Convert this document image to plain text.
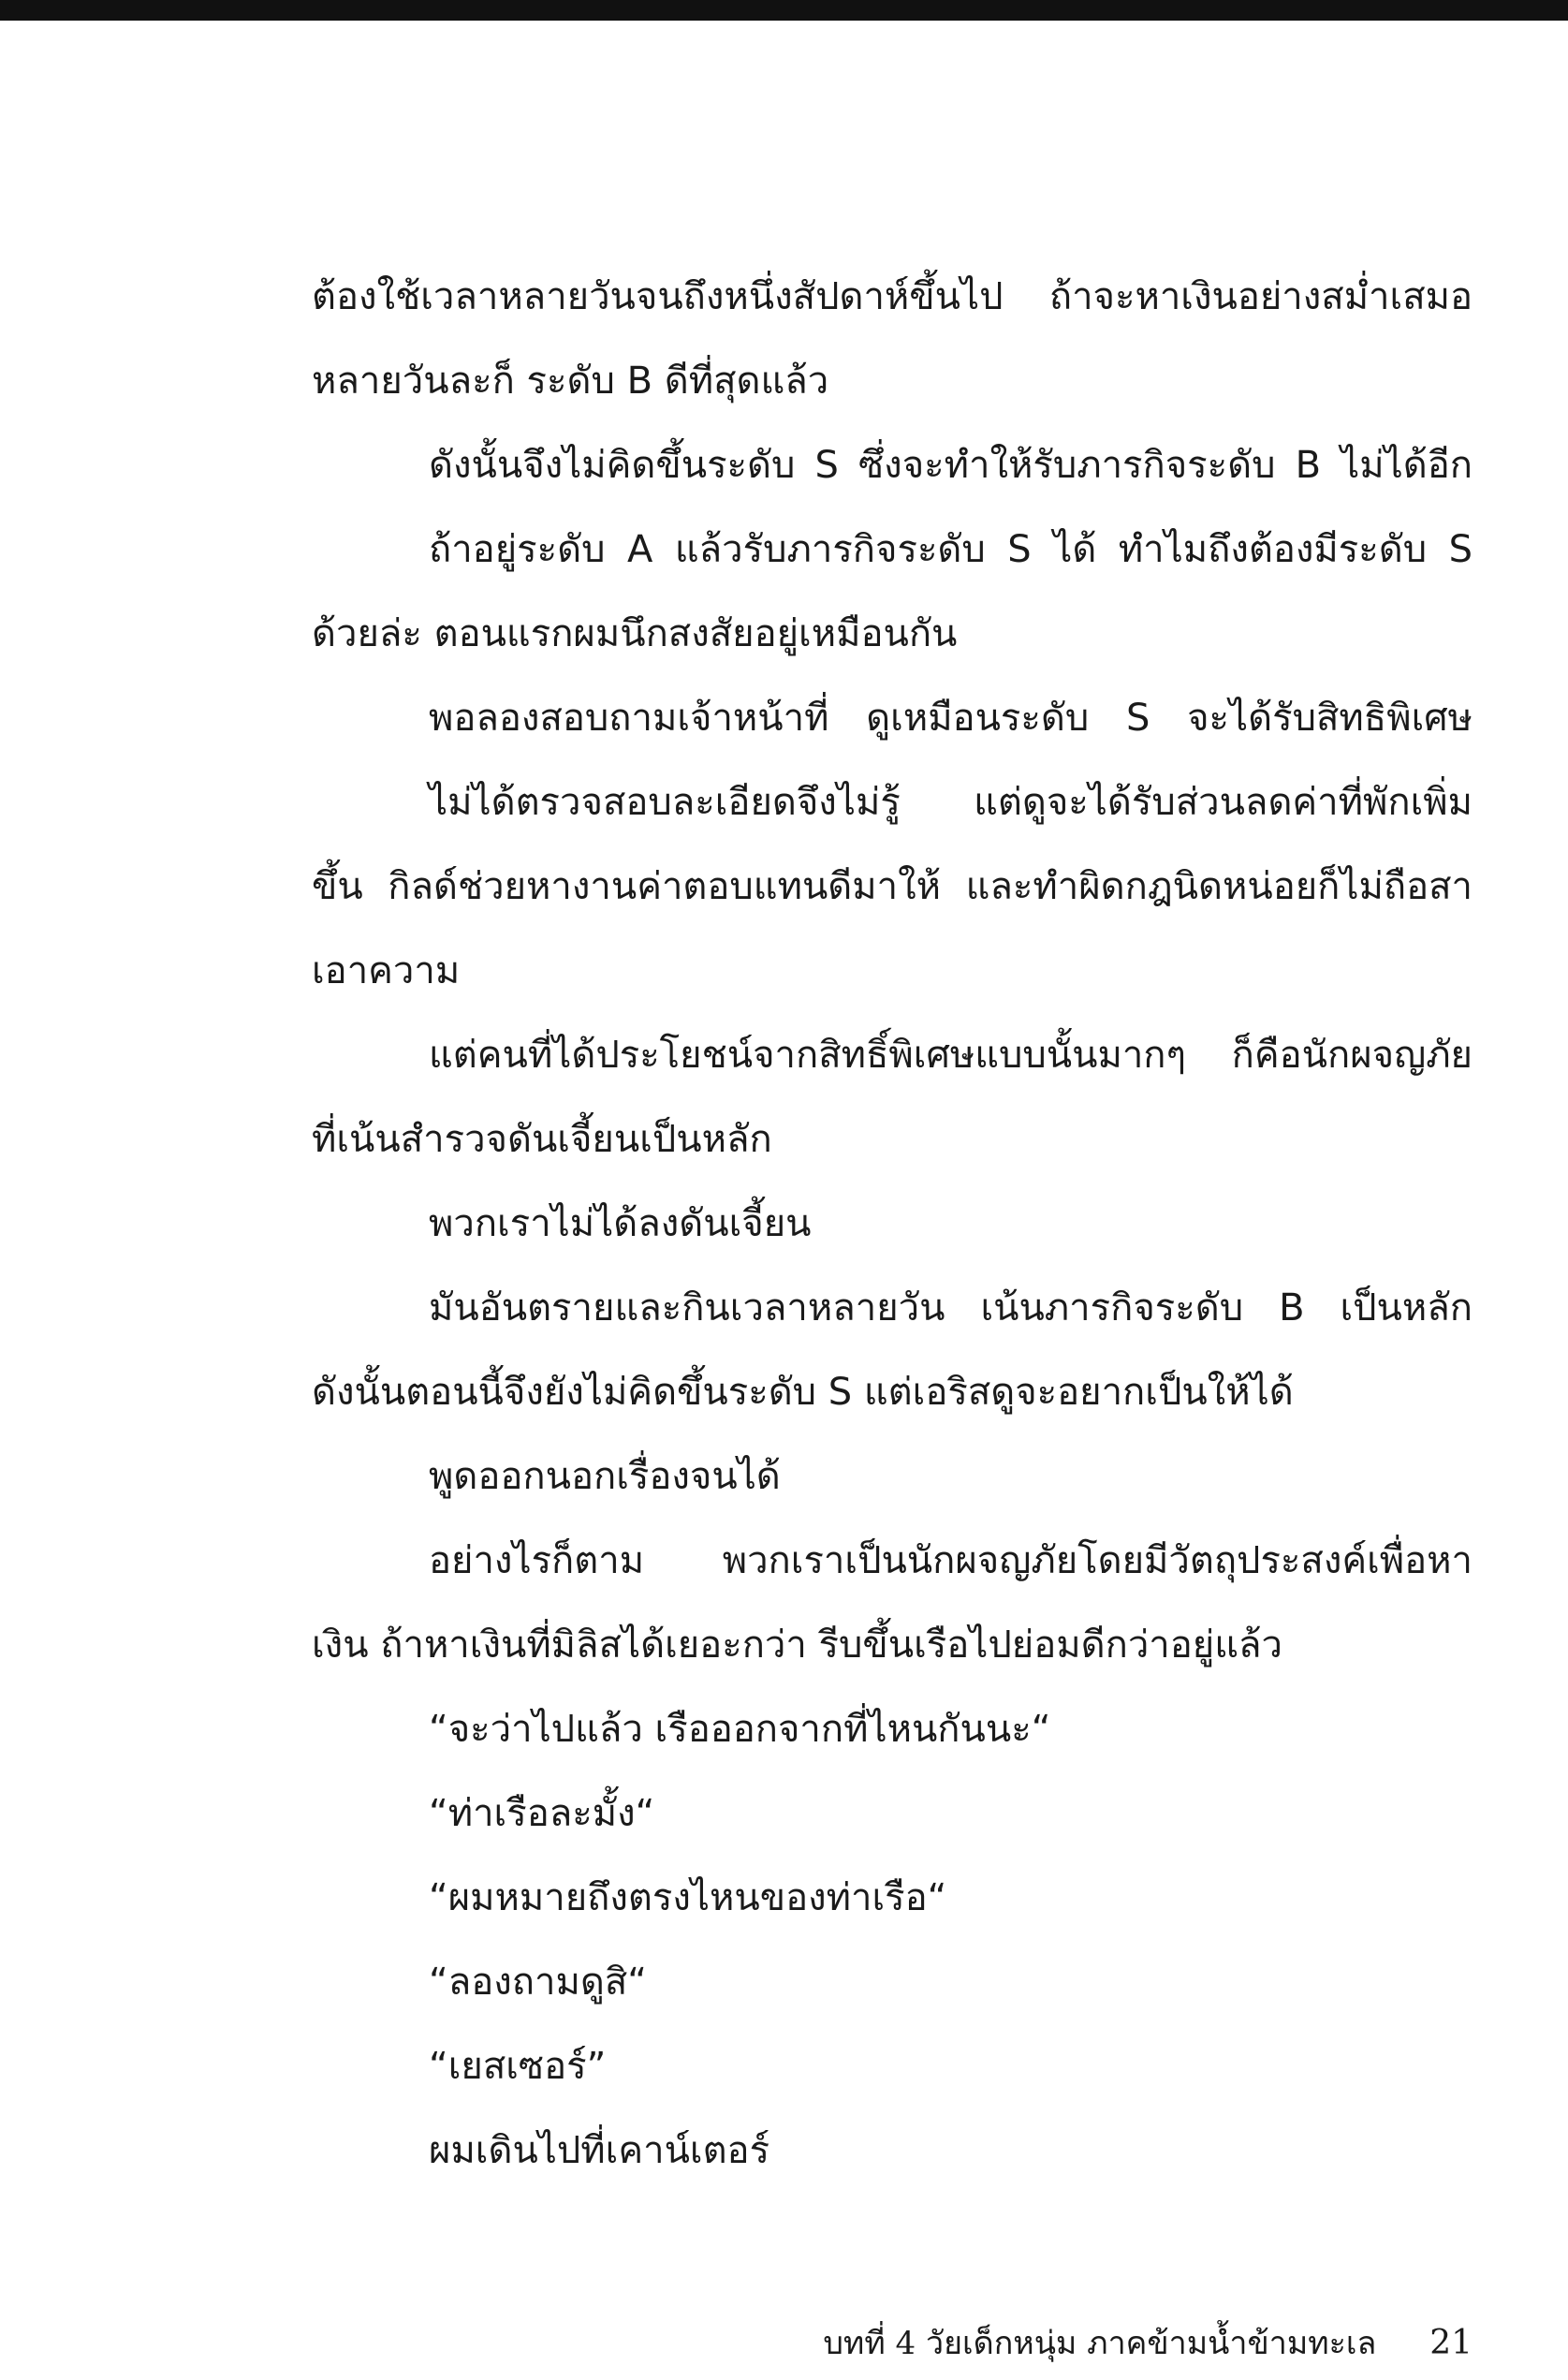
ต้องใช้เวลาหลายวันจนถึงหนึ่งสัปดาห์ขึ้นไป ถ้าจะหาเงินอย่างสม่ำเสมอ
หลายวันละก็ ระดับ B ดีที่สุดแล้ว
ดังนั้นจึงไม่คิดขึ้นระดับ S ซึ่งจะทำให้รับภารกิจระดับ B ไม่ได้อีก
ถ้าอยู่ระดับ A แล้วรับภารกิจระดับ S ได้ ทำไมถึงต้องมีระดับ S
ด้วยล่ะ ตอนแรกผมนึกสงสัยอยู่เหมือนกัน
พอลองสอบถามเจ้าหน้าที่ ดูเหมือนระดับ S จะได้รับสิทธิพิเศษ
ไม่ได้ตรวจสอบละเอียดจึงไม่รู้ แต่ดูจะได้รับส่วนลดค่าที่พักเพิ่ม
ขึ้น กิลด์ช่วยหางานค่าตอบแทนดีมาให้ และทำผิดกฎนิดหน่อยก็ไม่ถือสา
เอาความ
แต่คนที่ได้ประโยชน์จากสิทธิ์พิเศษแบบนั้นมากๆ ก็คือนักผจญภัย
ที่เน้นสำรวจดันเจี้ยนเป็นหลัก
พวกเราไม่ได้ลงดันเจี้ยน
มันอันตรายและกินเวลาหลายวัน เน้นภารกิจระดับ B เป็นหลัก
ดังนั้นตอนนี้จึงยังไม่คิดขึ้นระดับ S แต่เอริสดูจะอยากเป็นให้ได้
พูดออกนอกเรื่องจนได้
อย่างไรก็ตาม พวกเราเป็นนักผจญภัยโดยมีวัตถุประสงค์เพื่อหา
เงิน ถ้าหาเงินที่มิลิสได้เยอะกว่า รีบขึ้นเรือไปย่อมดีกว่าอยู่แล้ว
“จะว่าไปแล้ว เรือออกจากที่ไหนกันนะ“
“ท่าเรือละมั้ง“
“ผมหมายถึงตรงไหนของท่าเรือ“
“ลองถามดูสิ“
“เยสเซอร์”
ผมเดินไปที่เคาน์เตอร์
บทที่ 4 วัยเด็กหนุ่ม ภาคข้ามน้ำข้ามทะเล 21
